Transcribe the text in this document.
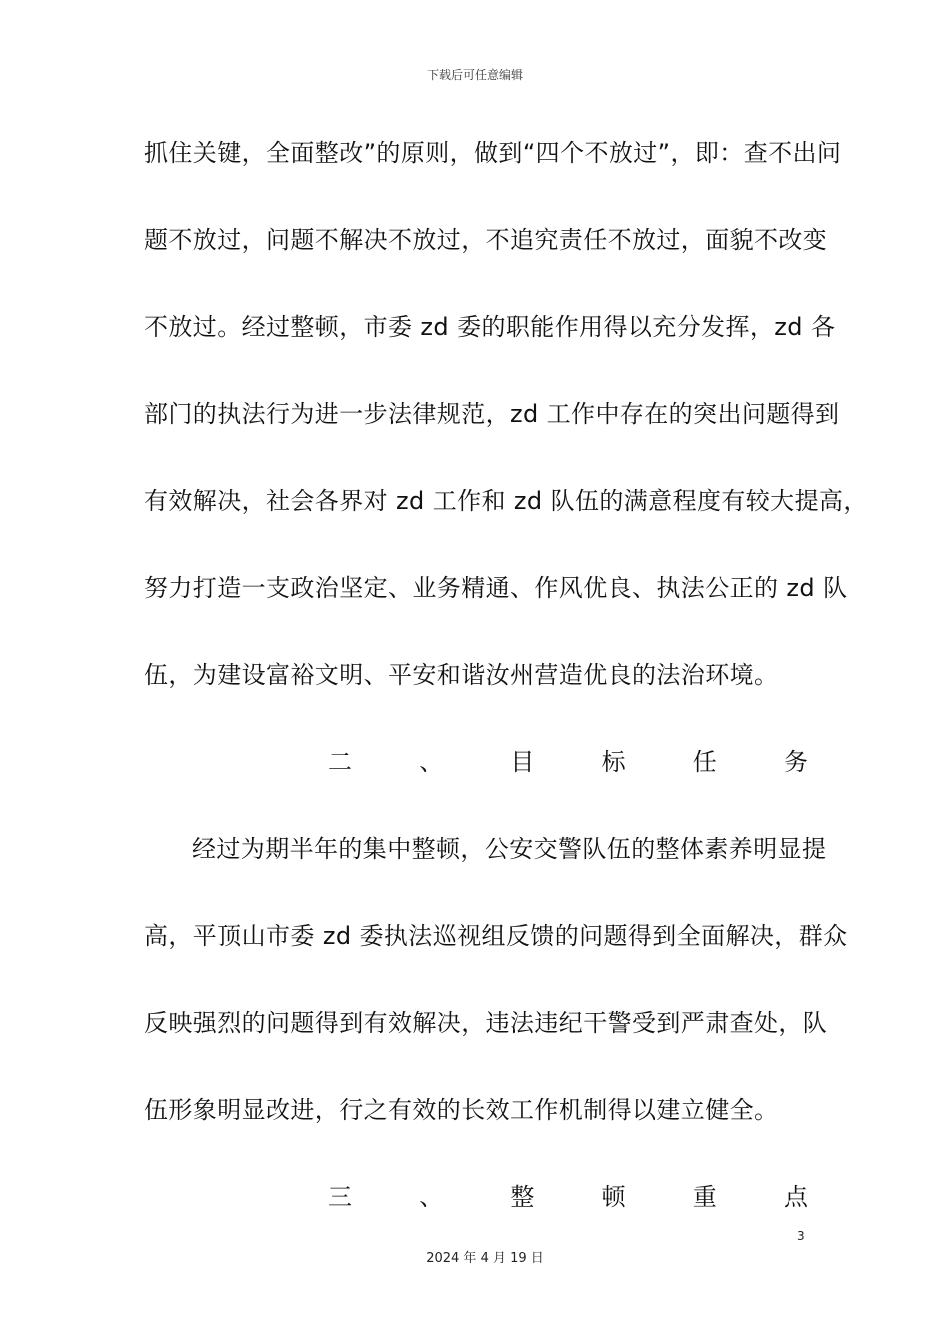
下载后可任意编辑
抓住关键，全面整改”的原则，做到“四个不放过”，即：查不出问
题不放过，问题不解决不放过，不追究责任不放过，面貌不改变
不放过。经过整顿，市委 zd 委的职能作用得以充分发挥，zd 各
部门的执法行为进一步法律规范，zd 工作中存在的突出问题得到
有效解决，社会各界对 zd 工作和 zd 队伍的满意程度有较大提高，
努力打造一支政治坚定、业务精通、作风优良、执法公正的 zd 队
伍，为建设富裕文明、平安和谐汝州营造优良的法治环境。
二	、	目	标	任	务
经过为期半年的集中整顿，公安交警队伍的整体素养明显提
高，平顶山市委 zd 委执法巡视组反馈的问题得到全面解决，群众
反映强烈的问题得到有效解决，违法违纪干警受到严肃查处，队
伍形象明显改进，行之有效的长效工作机制得以建立健全。
三	、	整	顿	重	点
3
2024 年 4 月 19 日
